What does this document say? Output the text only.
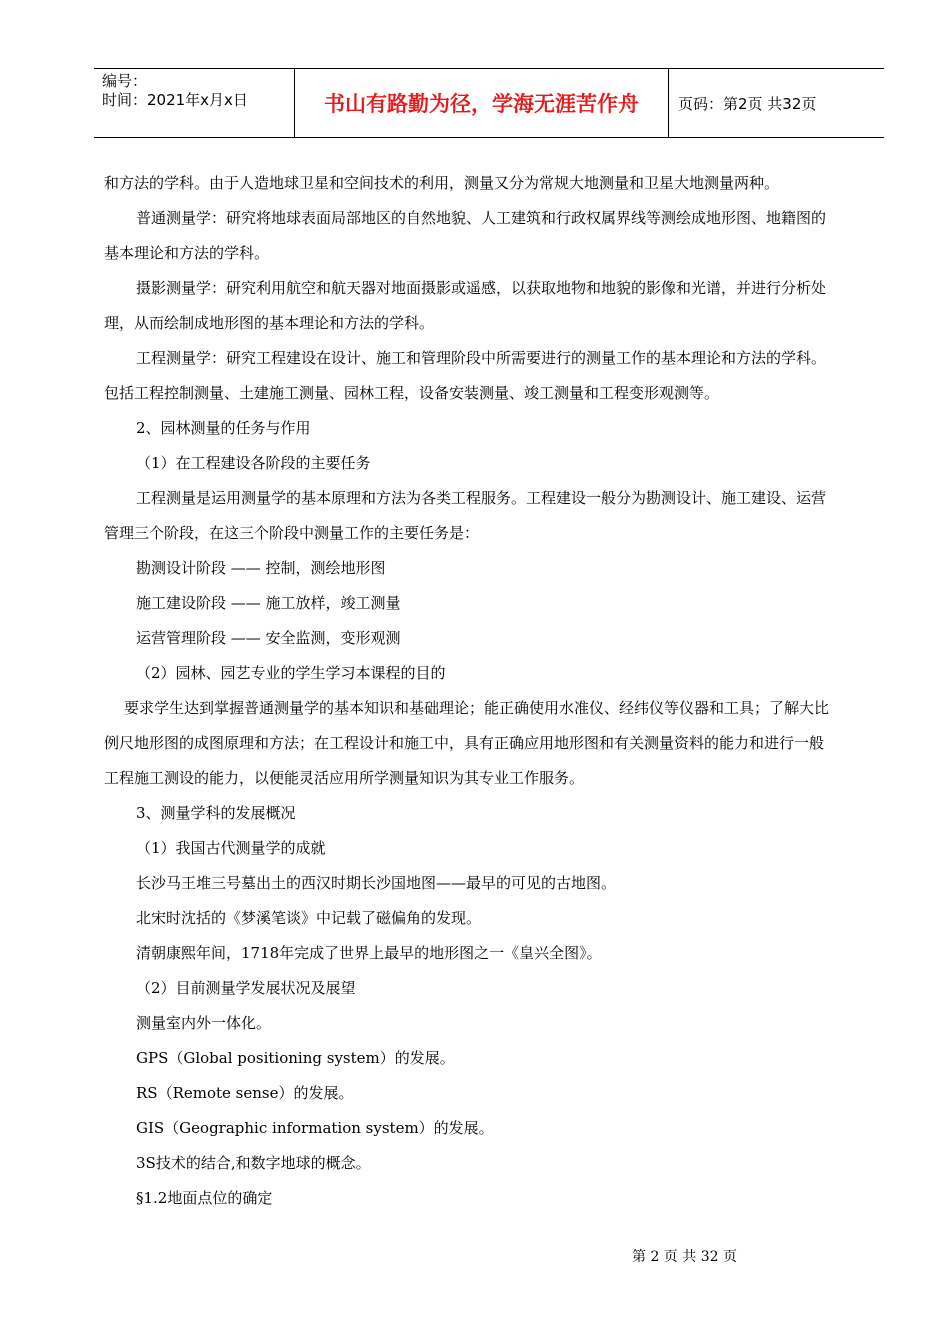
编号：
时间：2021年x月x日	书山有路勤为径，学海无涯苦作舟	页码：第2页 共32页

和方法的学科。由于人造地球卫星和空间技术的利用，测量又分为常规大地测量和卫星大地测量两种。

普通测量学：研究将地球表面局部地区的自然地貌、人工建筑和行政权属界线等测绘成地形图、地籍图的

基本理论和方法的学科。

摄影测量学：研究利用航空和航天器对地面摄影或遥感，以获取地物和地貌的影像和光谱，并进行分析处

理，从而绘制成地形图的基本理论和方法的学科。

工程测量学：研究工程建设在设计、施工和管理阶段中所需要进行的测量工作的基本理论和方法的学科。

包括工程控制测量、土建施工测量、园林工程，设备安装测量、竣工测量和工程变形观测等。

2、园林测量的任务与作用

（1）在工程建设各阶段的主要任务

工程测量是运用测量学的基本原理和方法为各类工程服务。工程建设一般分为勘测设计、施工建设、运营

管理三个阶段，在这三个阶段中测量工作的主要任务是：

勘测设计阶段 —— 控制，测绘地形图

施工建设阶段 —— 施工放样，竣工测量

运营管理阶段 —— 安全监测，变形观测

（2）园林、园艺专业的学生学习本课程的目的

要求学生达到掌握普通测量学的基本知识和基础理论；能正确使用水准仪、经纬仪等仪器和工具；了解大比

例尺地形图的成图原理和方法；在工程设计和施工中，具有正确应用地形图和有关测量资料的能力和进行一般

工程施工测设的能力，以便能灵活应用所学测量知识为其专业工作服务。

3、测量学科的发展概况

（1）我国古代测量学的成就

长沙马王堆三号墓出土的西汉时期长沙国地图——最早的可见的古地图。

北宋时沈括的《梦溪笔谈》中记载了磁偏角的发现。

清朝康熙年间，1718年完成了世界上最早的地形图之一《皇兴全图》。

（2）目前测量学发展状况及展望

测量室内外一体化。

GPS（Global positioning system）的发展。

RS（Remote sense）的发展。

GIS（Geographic information system）的发展。

3S技术的结合,和数字地球的概念。

§1.2地面点位的确定

第 2 页 共 32 页
